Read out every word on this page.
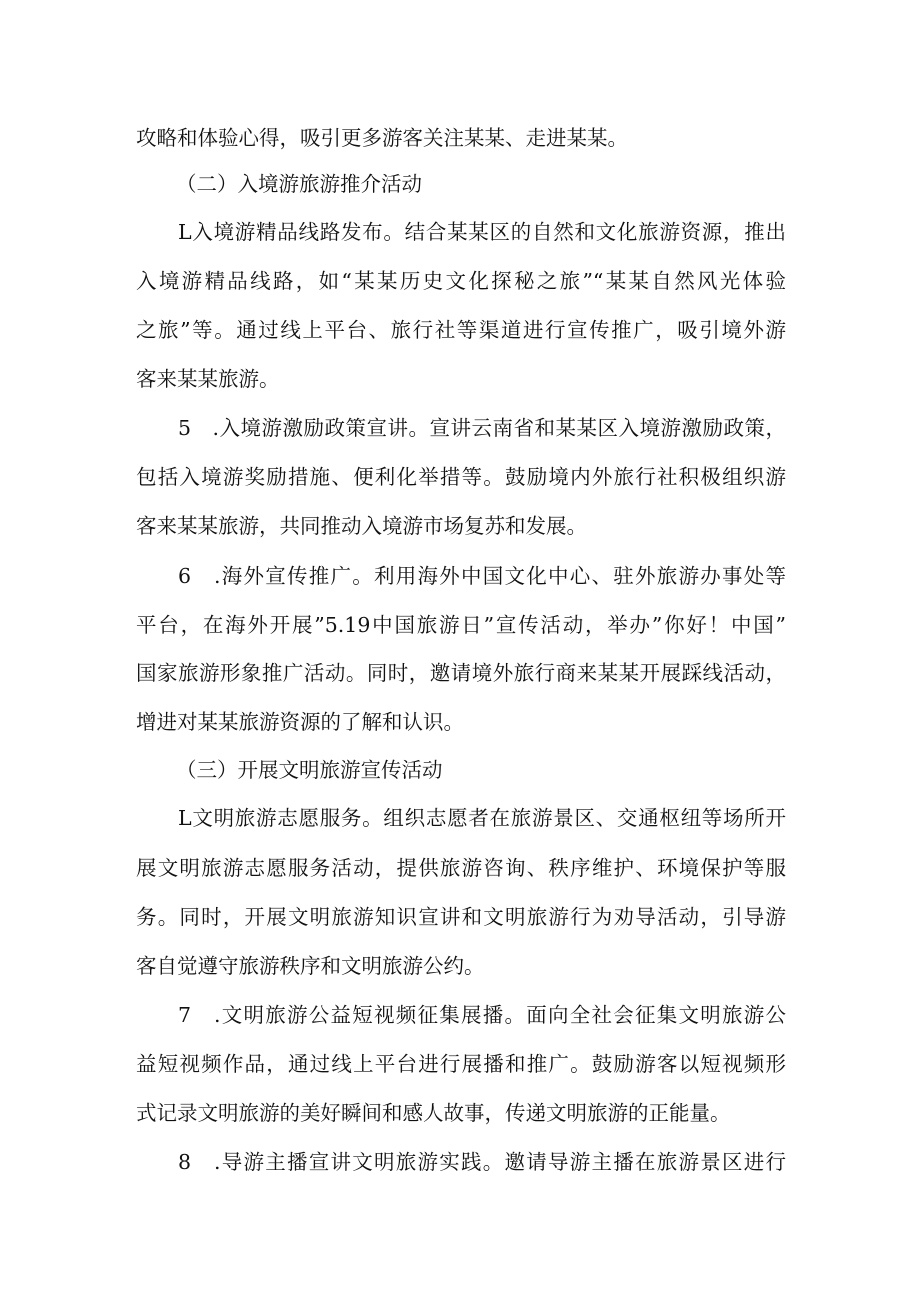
攻略和体验心得，吸引更多游客关注某某、走进某某。
（二）入境游旅游推介活动
L入境游精品线路发布。结合某某区的自然和文化旅游资源，推出
入境游精品线路，如“某某历史文化探秘之旅”“某某自然风光体验
之旅”等。通过线上平台、旅行社等渠道进行宣传推广，吸引境外游
客来某某旅游。
5　.入境游激励政策宣讲。宣讲云南省和某某区入境游激励政策，
包括入境游奖励措施、便利化举措等。鼓励境内外旅行社积极组织游
客来某某旅游，共同推动入境游市场复苏和发展。
6　.海外宣传推广。利用海外中国文化中心、驻外旅游办事处等
平台，在海外开展”5.19中国旅游日”宣传活动，举办”你好！中国”
国家旅游形象推广活动。同时，邀请境外旅行商来某某开展踩线活动，
增进对某某旅游资源的了解和认识。
（三）开展文明旅游宣传活动
L文明旅游志愿服务。组织志愿者在旅游景区、交通枢纽等场所开
展文明旅游志愿服务活动，提供旅游咨询、秩序维护、环境保护等服
务。同时，开展文明旅游知识宣讲和文明旅游行为劝导活动，引导游
客自觉遵守旅游秩序和文明旅游公约。
7　.文明旅游公益短视频征集展播。面向全社会征集文明旅游公
益短视频作品，通过线上平台进行展播和推广。鼓励游客以短视频形
式记录文明旅游的美好瞬间和感人故事，传递文明旅游的正能量。
8　.导游主播宣讲文明旅游实践。邀请导游主播在旅游景区进行
